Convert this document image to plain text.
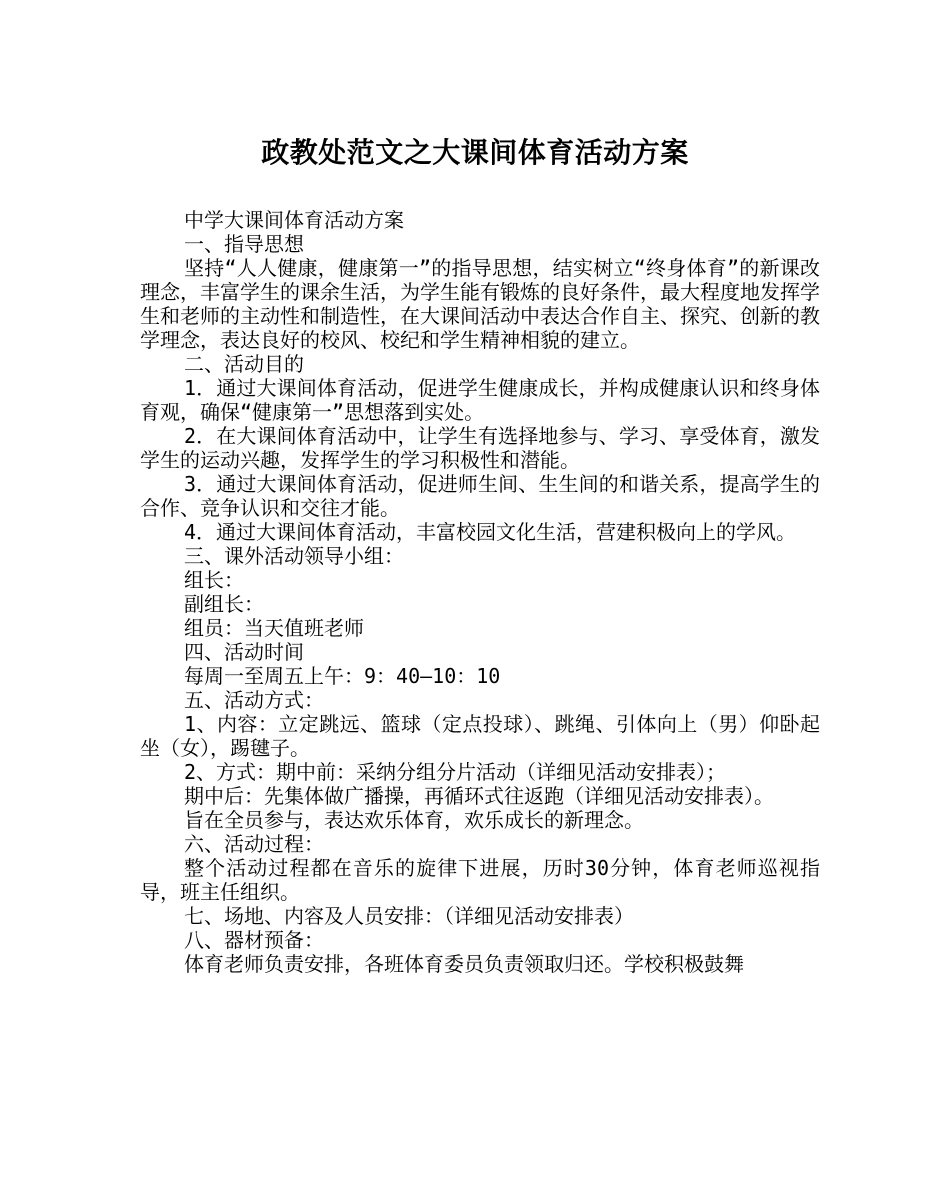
政教处范文之大课间体育活动方案

中学大课间体育活动方案

一、指导思想

坚持“人人健康，健康第一”的指导思想，结实树立“终身体育”的新课改理念，丰富学生的课余生活，为学生能有锻炼的良好条件，最大程度地发挥学生和老师的主动性和制造性，在大课间活动中表达合作自主、探究、创新的教学理念，表达良好的校风、校纪和学生精神相貌的建立。

二、活动目的

1．通过大课间体育活动，促进学生健康成长，并构成健康认识和终身体育观，确保“健康第一”思想落到实处。

2．在大课间体育活动中，让学生有选择地参与、学习、享受体育，激发学生的运动兴趣，发挥学生的学习积极性和潜能。

3．通过大课间体育活动，促进师生间、生生间的和谐关系，提高学生的合作、竞争认识和交往才能。

4．通过大课间体育活动，丰富校园文化生活，营建积极向上的学风。

三、课外活动领导小组：

组长：

副组长：

组员：当天值班老师

四、活动时间

每周一至周五上午：9：40—10：10

五、活动方式：

1、内容：立定跳远、篮球（定点投球）、跳绳、引体向上（男）仰卧起坐（女），踢毽子。

2、方式：期中前：采纳分组分片活动（详细见活动安排表）；

期中后：先集体做广播操，再循环式往返跑（详细见活动安排表）。

旨在全员参与，表达欢乐体育，欢乐成长的新理念。

六、活动过程：

整个活动过程都在音乐的旋律下进展，历时30分钟，体育老师巡视指导，班主任组织。

七、场地、内容及人员安排：（详细见活动安排表）

八、器材预备：

体育老师负责安排，各班体育委员负责领取归还。学校积极鼓舞
